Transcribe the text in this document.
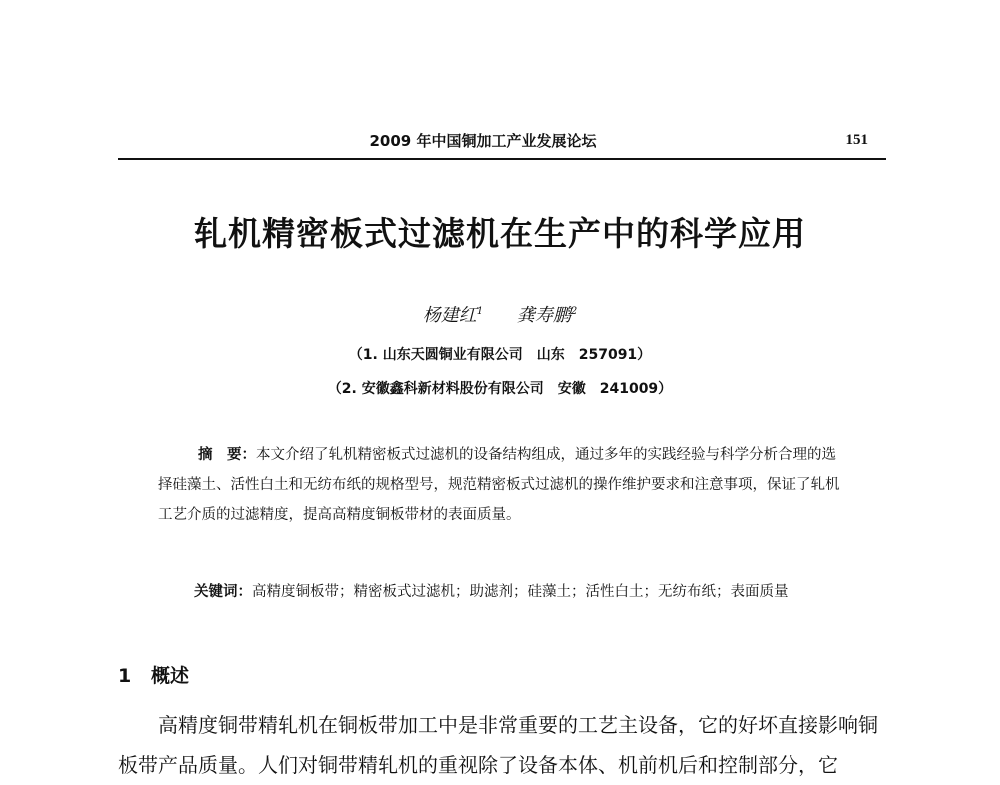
2009 年中国铜加工产业发展论坛	151
轧机精密板式过滤机在生产中的科学应用
杨建红$^1$ 龚寿鹏$^2$
（1. 山东天圆铜业有限公司　山东　257091）
（2. 安徽鑫科新材料股份有限公司　安徽　241009）
摘　要：本文介绍了轧机精密板式过滤机的设备结构组成，通过多年的实践经验与科学分析合理的选择硅藻土、活性白土和无纺布纸的规格型号，规范精密板式过滤机的操作维护要求和注意事项，保证了轧机工艺介质的过滤精度，提高高精度铜板带材的表面质量。
关键词：高精度铜板带；精密板式过滤机；助滤剂；硅藻土；活性白土；无纺布纸；表面质量
1 概述
高精度铜带精轧机在铜板带加工中是非常重要的工艺主设备，它的好坏直接影响铜板带产品质量。人们对铜带精轧机的重视除了设备本体、机前机后和控制部分，它
